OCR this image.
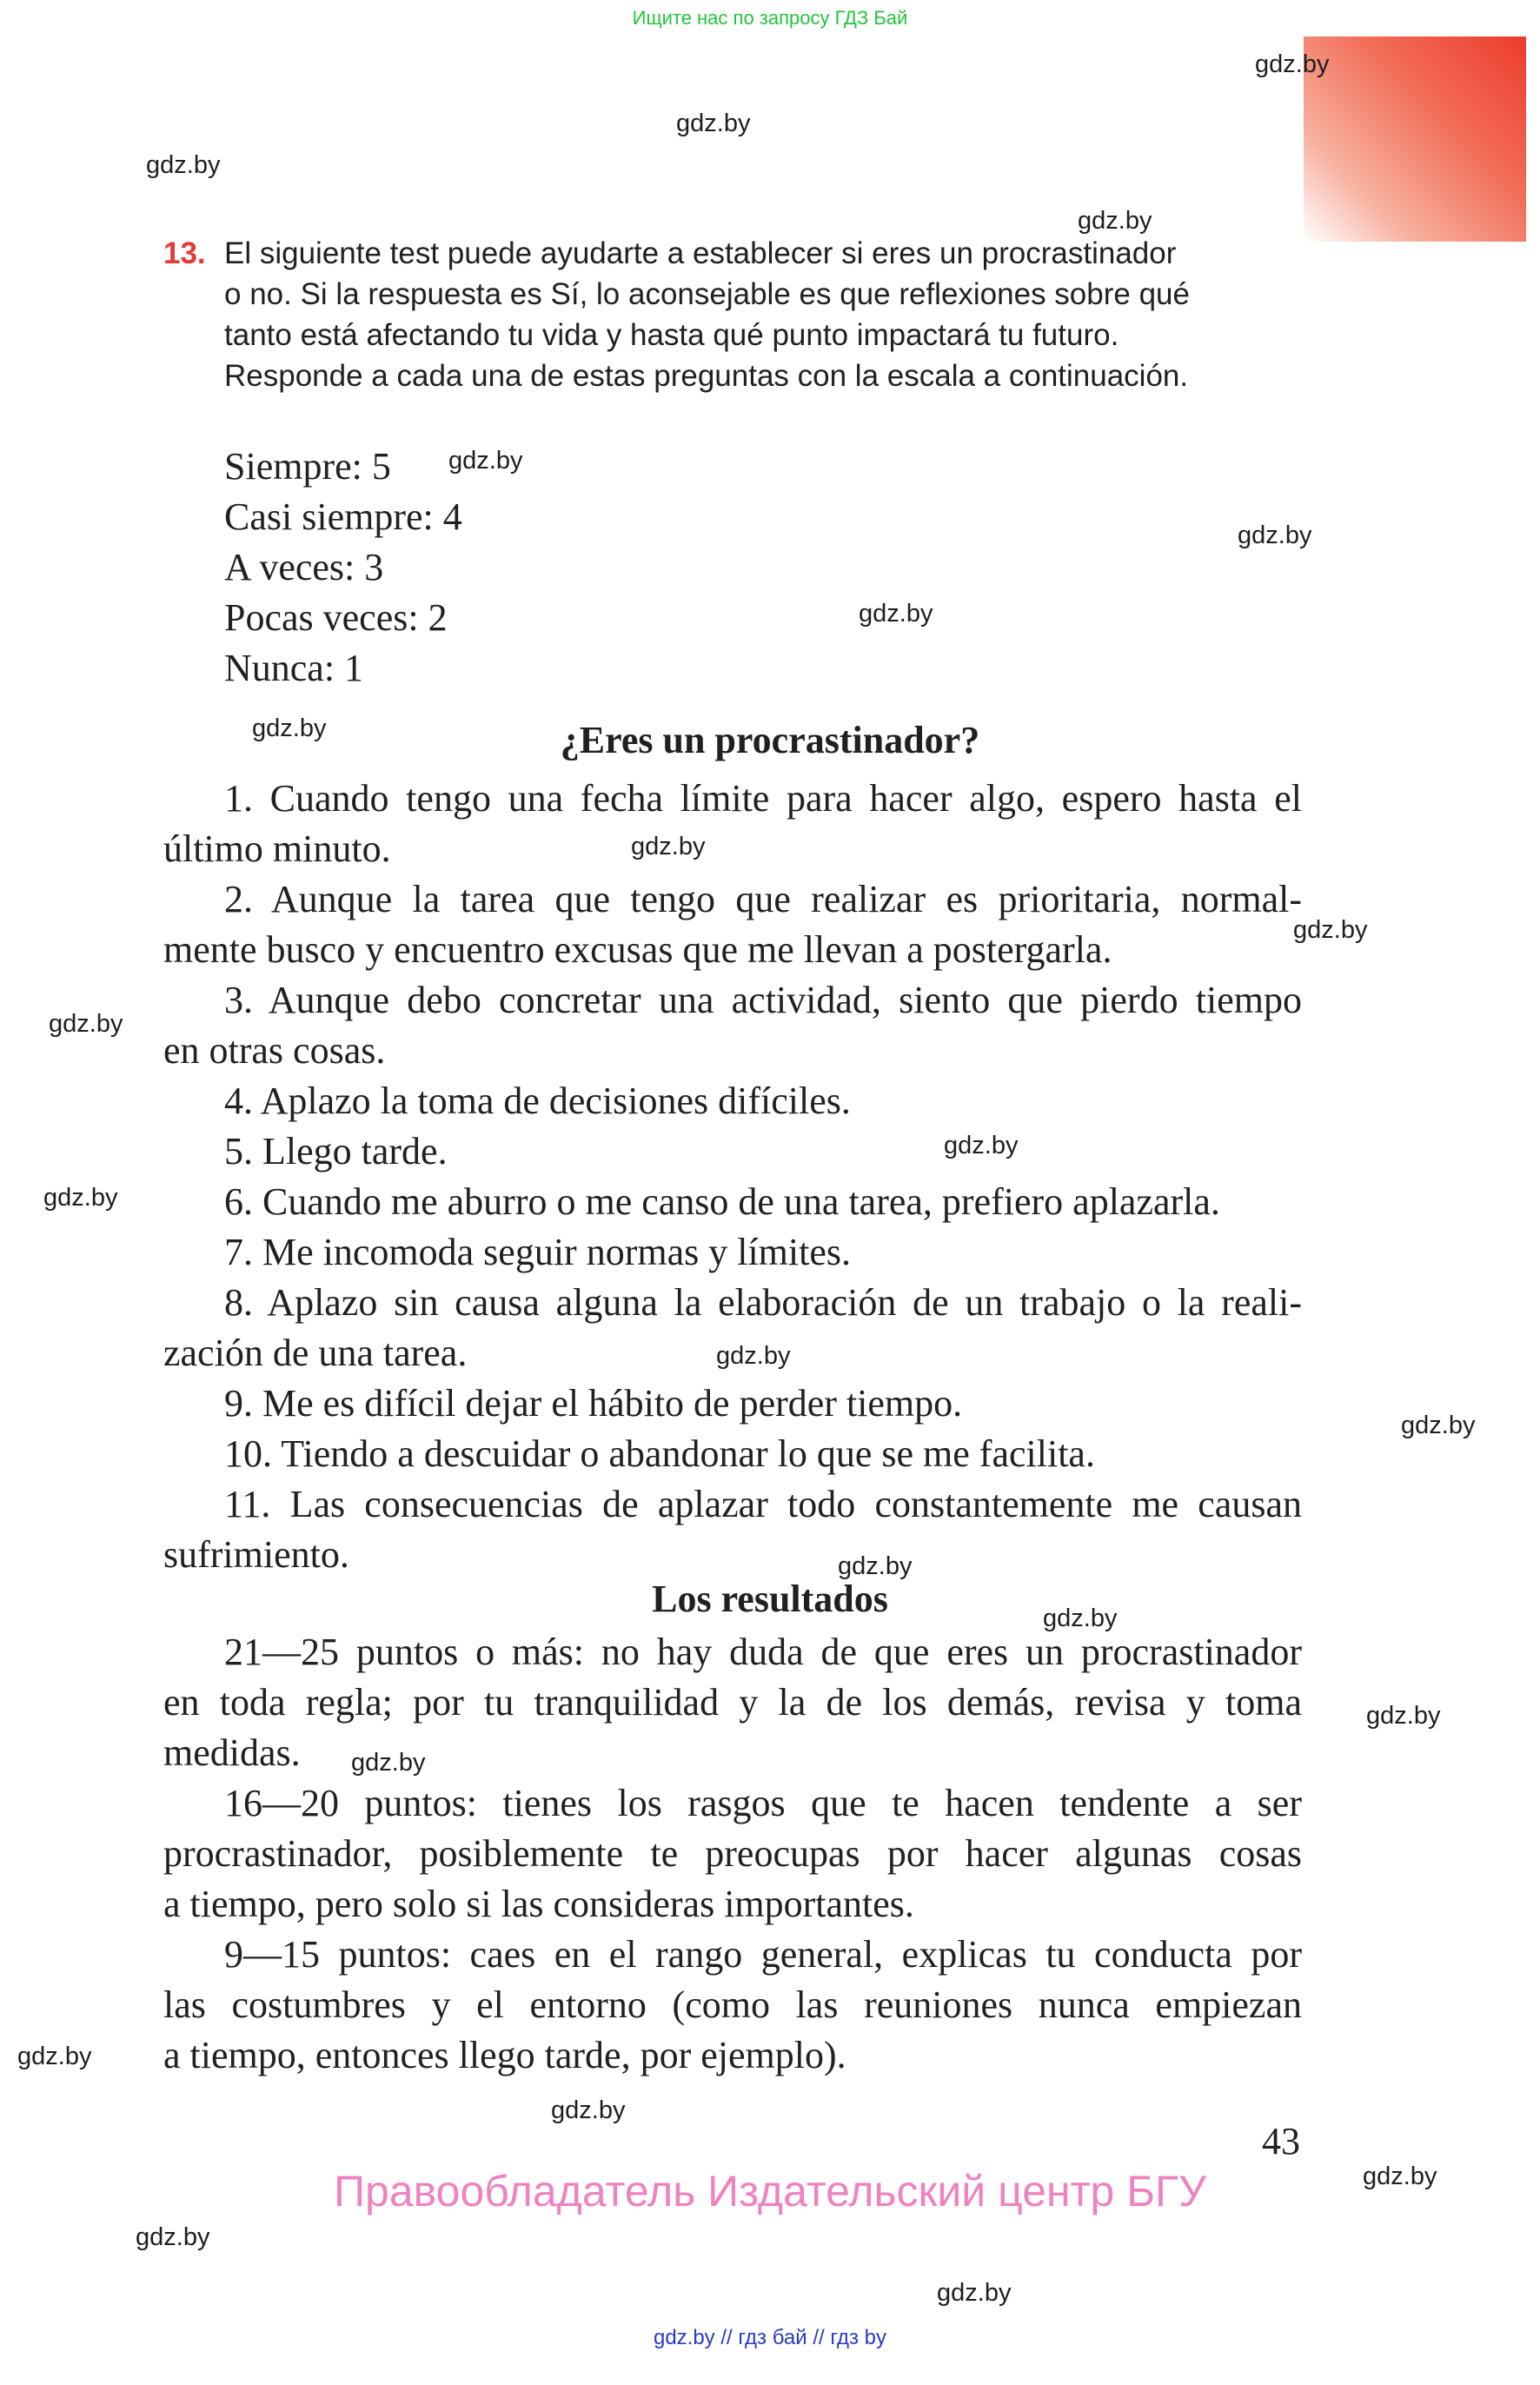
Ищите нас по запросу ГДЗ Бай
gdz.by
gdz.by
gdz.by
gdz.by
gdz.by
gdz.by
gdz.by
gdz.by
gdz.by
gdz.by
gdz.by
gdz.by
gdz.by
gdz.by
gdz.by
gdz.by
gdz.by
gdz.by
gdz.by
gdz.by
gdz.by
gdz.by
gdz.by
gdz.by
13. El siguiente test puede ayudarte a establecer si eres un procrastinador
o no. Si la respuesta es Sí, lo aconsejable es que reflexiones sobre qué
tanto está afectando tu vida y hasta qué punto impactará tu futuro.
Responde a cada una de estas preguntas con la escala a continuación.
Siempre: 5
Casi siempre: 4
A veces: 3
Pocas veces: 2
Nunca: 1
¿Eres un procrastinador?
1. Cuando tengo una fecha límite para hacer algo, espero hasta el
último minuto.
2. Aunque la tarea que tengo que realizar es prioritaria, normal-
mente busco y encuentro excusas que me llevan a postergarla.
3. Aunque debo concretar una actividad, siento que pierdo tiempo
en otras cosas.
4. Aplazo la toma de decisiones difíciles.
5. Llego tarde.
6. Cuando me aburro o me canso de una tarea, prefiero aplazarla.
7. Me incomoda seguir normas y límites.
8. Aplazo sin causa alguna la elaboración de un trabajo o la reali-
zación de una tarea.
9. Me es difícil dejar el hábito de perder tiempo.
10. Tiendo a descuidar o abandonar lo que se me facilita.
11. Las consecuencias de aplazar todo constantemente me causan
sufrimiento.
Los resultados
21—25 puntos o más: no hay duda de que eres un procrastinador
en toda regla; por tu tranquilidad y la de los demás, revisa y toma
medidas.
16—20 puntos: tienes los rasgos que te hacen tendente a ser
procrastinador, posiblemente te preocupas por hacer algunas cosas
a tiempo, pero solo si las consideras importantes.
9—15 puntos: caes en el rango general, explicas tu conducta por
las costumbres y el entorno (como las reuniones nunca empiezan
a tiempo, entonces llego tarde, por ejemplo).
43
Правообладатель Издательский центр БГУ
gdz.by // гдз бай // гдз by
